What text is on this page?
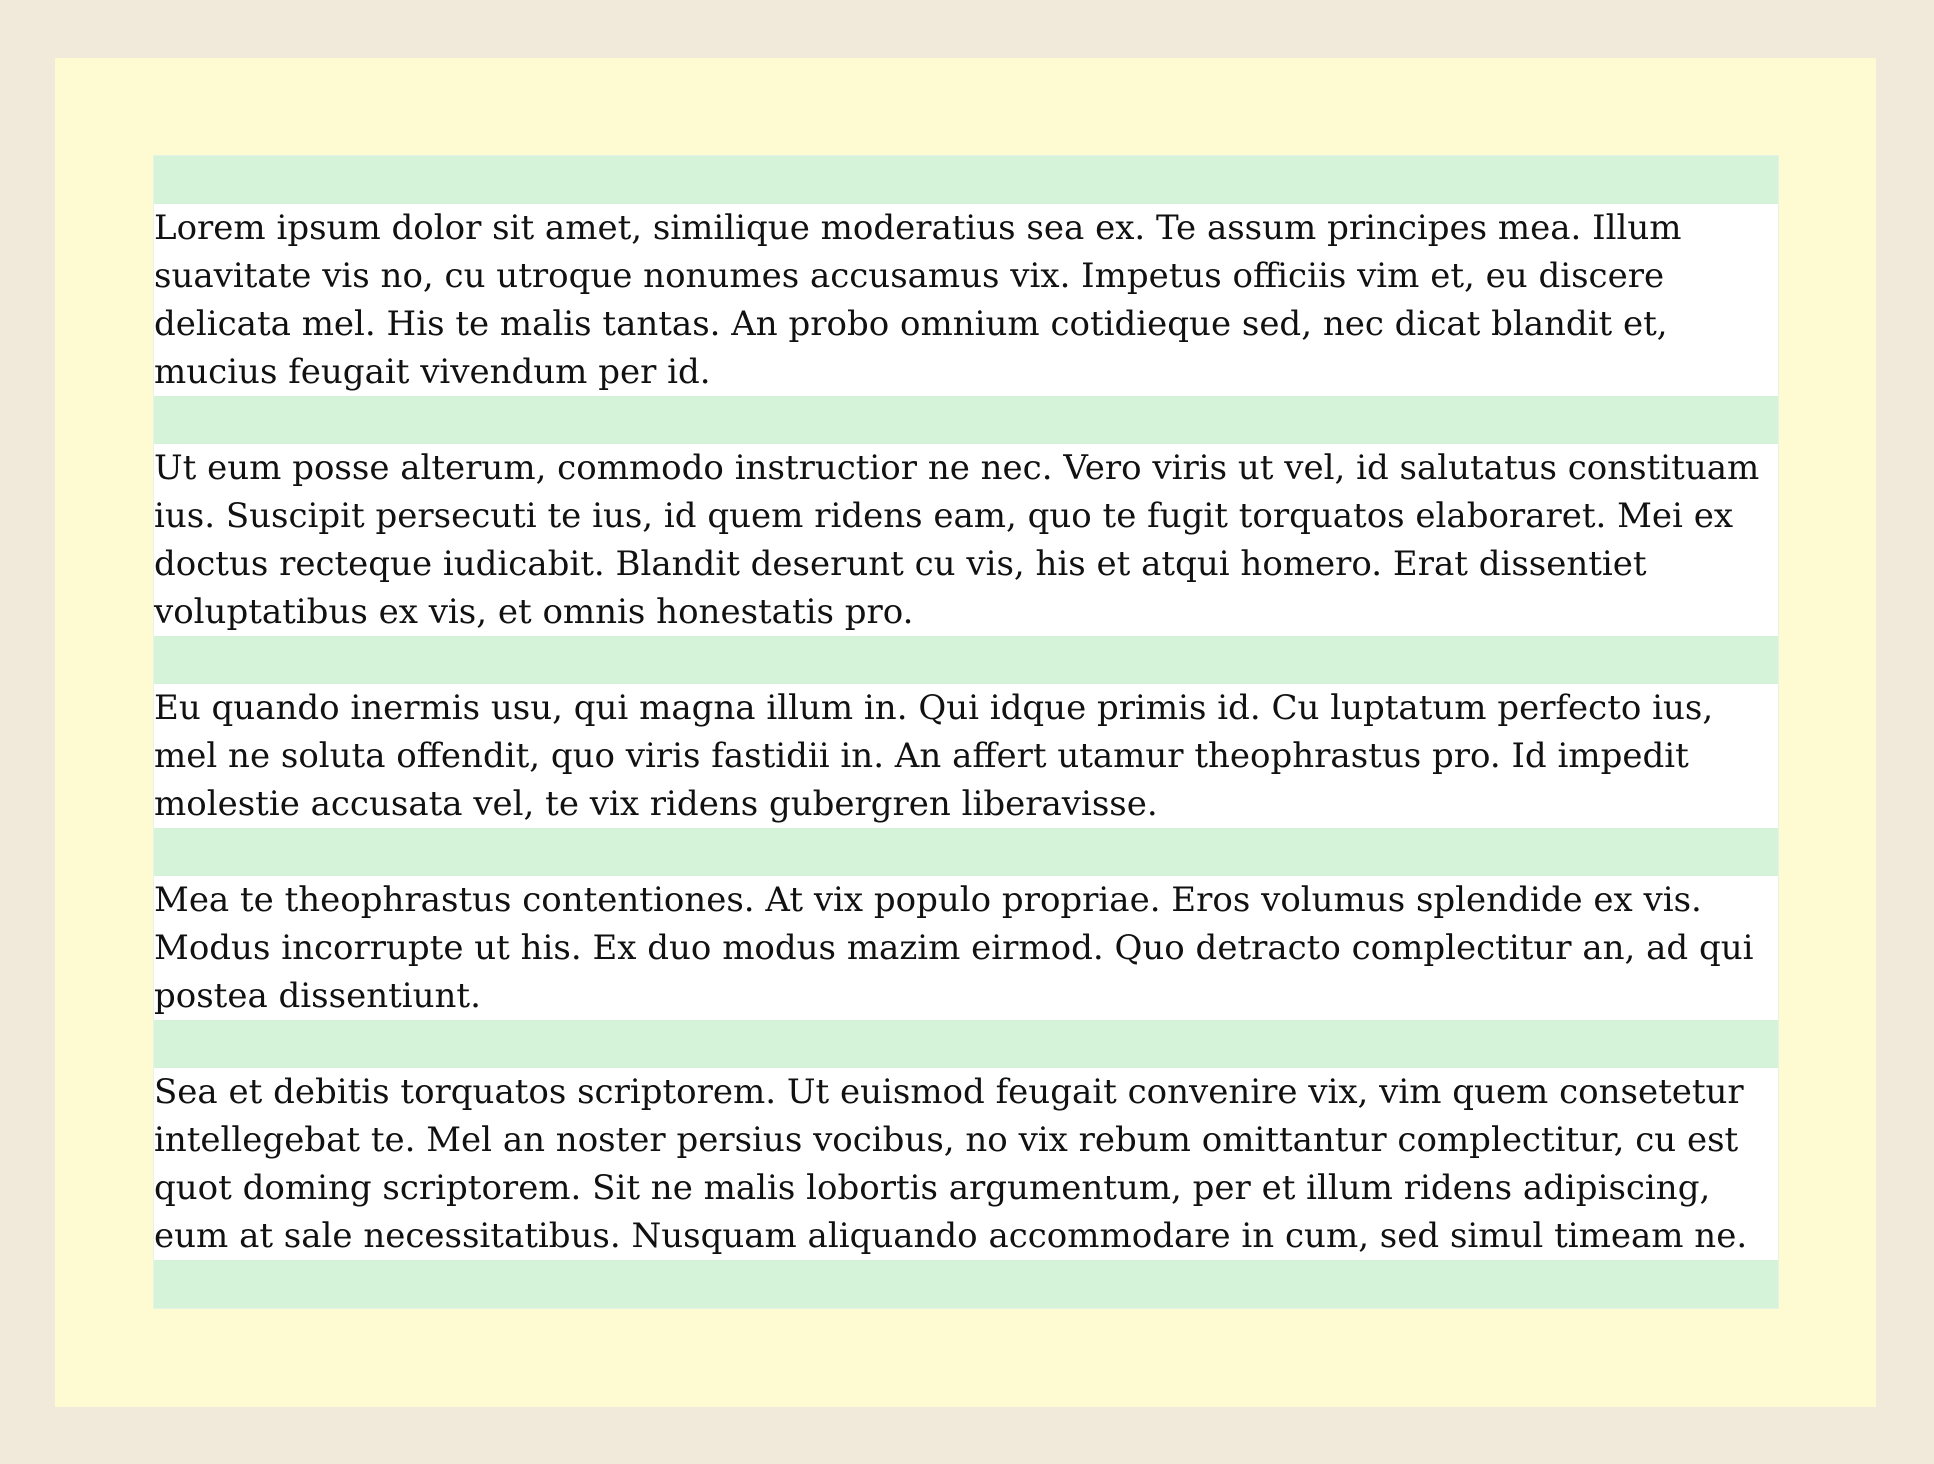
Lorem ipsum dolor sit amet, similique moderatius sea ex. Te assum principes mea. Illum
suavitate vis no, cu utroque nonumes accusamus vix. Impetus officiis vim et, eu discere
delicata mel. His te malis tantas. An probo omnium cotidieque sed, nec dicat blandit et,
mucius feugait vivendum per id.

Ut eum posse alterum, commodo instructior ne nec. Vero viris ut vel, id salutatus constituam
ius. Suscipit persecuti te ius, id quem ridens eam, quo te fugit torquatos elaboraret. Mei ex
doctus recteque iudicabit. Blandit deserunt cu vis, his et atqui homero. Erat dissentiet
voluptatibus ex vis, et omnis honestatis pro.

Eu quando inermis usu, qui magna illum in. Qui idque primis id. Cu luptatum perfecto ius,
mel ne soluta offendit, quo viris fastidii in. An affert utamur theophrastus pro. Id impedit
molestie accusata vel, te vix ridens gubergren liberavisse.

Mea te theophrastus contentiones. At vix populo propriae. Eros volumus splendide ex vis.
Modus incorrupte ut his. Ex duo modus mazim eirmod. Quo detracto complectitur an, ad qui
postea dissentiunt.

Sea et debitis torquatos scriptorem. Ut euismod feugait convenire vix, vim quem consetetur
intellegebat te. Mel an noster persius vocibus, no vix rebum omittantur complectitur, cu est
quot doming scriptorem. Sit ne malis lobortis argumentum, per et illum ridens adipiscing,
eum at sale necessitatibus. Nusquam aliquando accommodare in cum, sed simul timeam ne.
